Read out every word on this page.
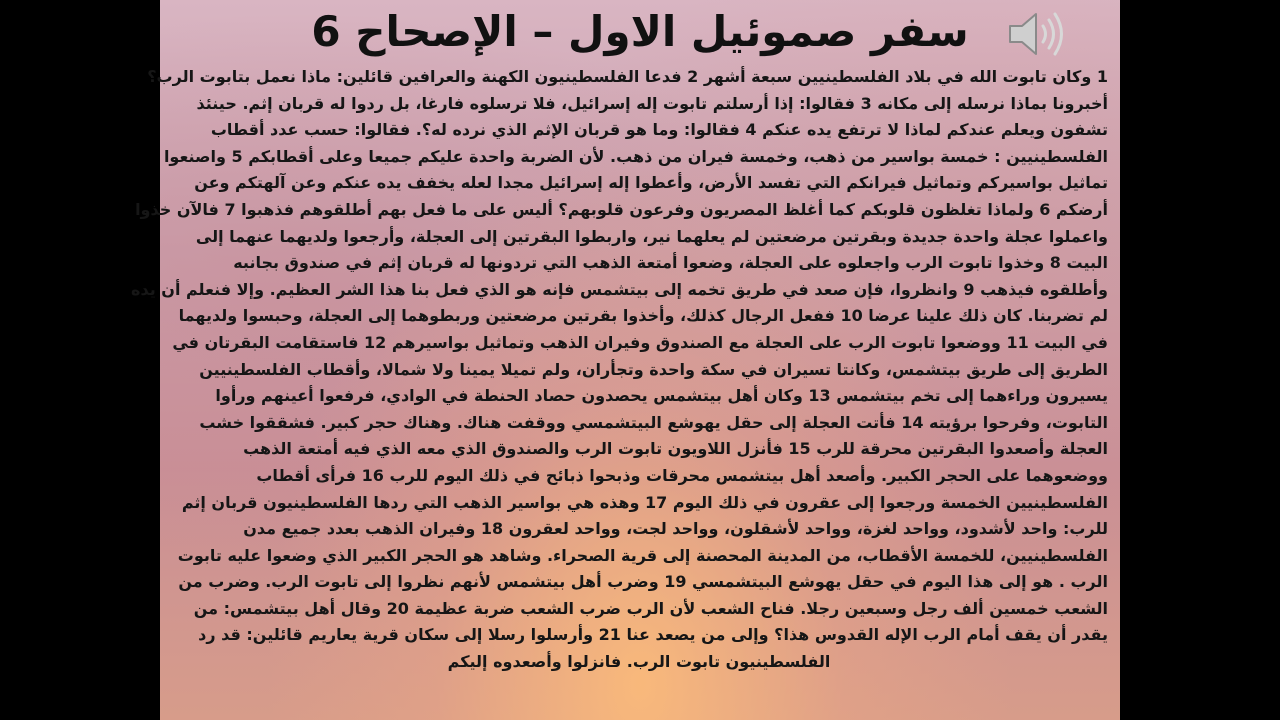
سفر صموئيل الاول – الإصحاح 6
1 وكان تابوت الله في بلاد الفلسطينيين سبعة أشهر 2 فدعا الفلسطينيون الكهنة والعرافين قائلين: ماذا نعمل بتابوت الرب؟
أخبرونا بماذا نرسله إلى مكانه 3 فقالوا: إذا أرسلتم تابوت إله إسرائيل، فلا ترسلوه فارغا، بل ردوا له قربان إثم. حينئذ
تشفون ويعلم عندكم لماذا لا ترتفع يده عنكم 4 فقالوا: وما هو قربان الإثم الذي نرده له؟. فقالوا: حسب عدد أقطاب
الفلسطينيين : خمسة بواسير من ذهب، وخمسة فيران من ذهب. لأن الضربة واحدة عليكم جميعا وعلى أقطابكم 5 واصنعوا
تماثيل بواسيركم وتماثيل فيرانكم التي تفسد الأرض، وأعطوا إله إسرائيل مجدا لعله يخفف يده عنكم وعن آلهتكم وعن
أرضكم 6 ولماذا تغلظون قلوبكم كما أغلظ المصريون وفرعون قلوبهم؟ أليس على ما فعل بهم أطلقوهم فذهبوا 7 فالآن خذوا
واعملوا عجلة واحدة جديدة وبقرتين مرضعتين لم يعلهما نير، واربطوا البقرتين إلى العجلة، وأرجعوا ولديهما عنهما إلى
البيت 8 وخذوا تابوت الرب واجعلوه على العجلة، وضعوا أمتعة الذهب التي تردونها له قربان إثم في صندوق بجانبه
وأطلقوه فيذهب 9 وانظروا، فإن صعد في طريق تخمه إلى بيتشمس فإنه هو الذي فعل بنا هذا الشر العظيم. وإلا فنعلم أن يده
لم تضربنا. كان ذلك علينا عرضا 10 ففعل الرجال كذلك، وأخذوا بقرتين مرضعتين وربطوهما إلى العجلة، وحبسوا ولديهما
في البيت 11 ووضعوا تابوت الرب على العجلة مع الصندوق وفيران الذهب وتماثيل بواسيرهم 12 فاستقامت البقرتان في
الطريق إلى طريق بيتشمس، وكانتا تسيران في سكة واحدة وتجأران، ولم تميلا يمينا ولا شمالا، وأقطاب الفلسطينيين
يسيرون وراءهما إلى تخم بيتشمس 13 وكان أهل بيتشمس يحصدون حصاد الحنطة في الوادي، فرفعوا أعينهم ورأوا
التابوت، وفرحوا برؤيته 14 فأتت العجلة إلى حقل يهوشع البيتشمسي ووقفت هناك. وهناك حجر كبير. فشققوا خشب
العجلة وأصعدوا البقرتين محرقة للرب 15 فأنزل اللاويون تابوت الرب والصندوق الذي معه الذي فيه أمتعة الذهب
ووضعوهما على الحجر الكبير. وأصعد أهل بيتشمس محرقات وذبحوا ذبائح في ذلك اليوم للرب 16 فرأى أقطاب
الفلسطينيين الخمسة ورجعوا إلى عقرون في ذلك اليوم 17 وهذه هي بواسير الذهب التي ردها الفلسطينيون قربان إثم
للرب: واحد لأشدود، وواحد لغزة، وواحد لأشقلون، وواحد لجت، وواحد لعقرون 18 وفيران الذهب بعدد جميع مدن
الفلسطينيين، للخمسة الأقطاب، من المدينة المحصنة إلى قرية الصحراء. وشاهد هو الحجر الكبير الذي وضعوا عليه تابوت
الرب . هو إلى هذا اليوم في حقل يهوشع البيتشمسي 19 وضرب أهل بيتشمس لأنهم نظروا إلى تابوت الرب. وضرب من
الشعب خمسين ألف رجل وسبعين رجلا. فناح الشعب لأن الرب ضرب الشعب ضربة عظيمة 20 وقال أهل بيتشمس: من
يقدر أن يقف أمام الرب الإله القدوس هذا؟ وإلى من يصعد عنا 21 وأرسلوا رسلا إلى سكان قرية يعاريم قائلين: قد رد
الفلسطينيون تابوت الرب. فانزلوا وأصعدوه إليكم
